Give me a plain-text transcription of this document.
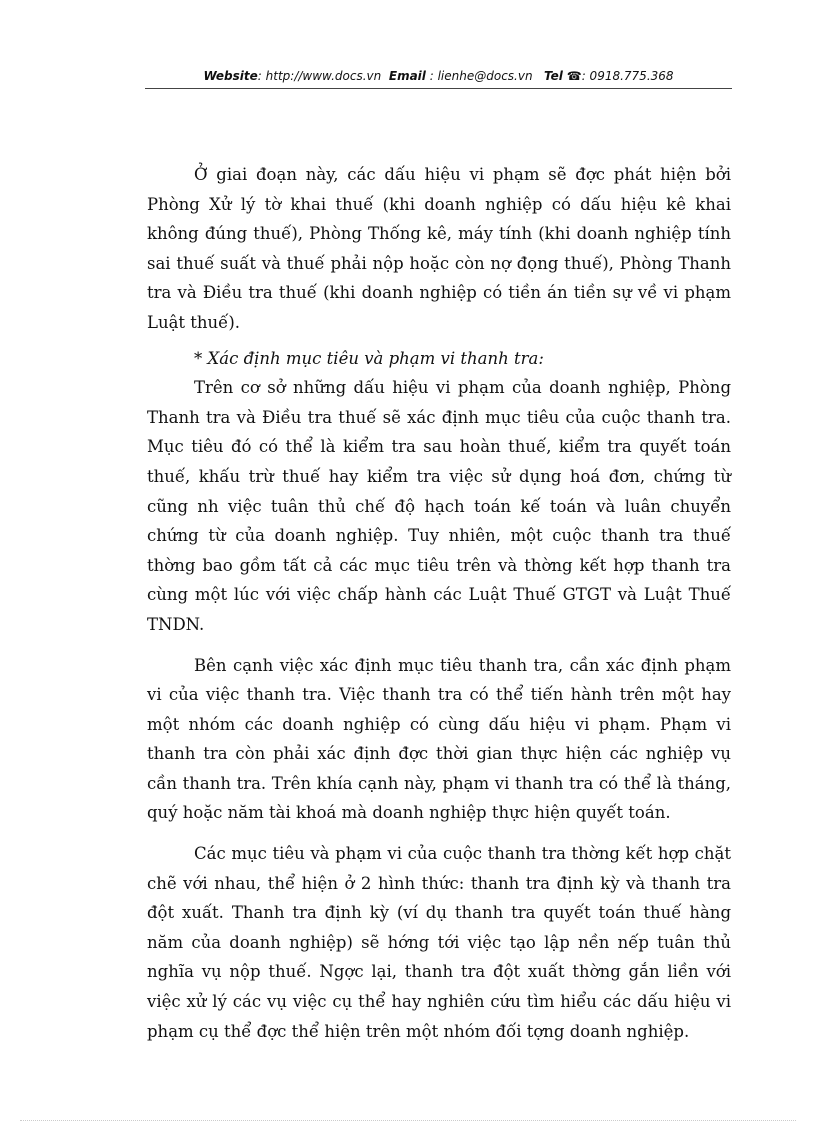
Website: http://www.docs.vn Email : lienhe@docs.vn Tel ☎: 0918.775.368

Ở giai đoạn này, các dấu hiệu vi phạm sẽ đợc phát hiện bởi Phòng Xử lý tờ khai thuế (khi doanh nghiệp có dấu hiệu kê khai không đúng thuế), Phòng Thống kê, máy tính (khi doanh nghiệp tính sai thuế suất và thuế phải nộp hoặc còn nợ đọng thuế), Phòng Thanh tra và Điều tra thuế (khi doanh nghiệp có tiền án tiền sự về vi phạm Luật thuế).

* Xác định mục tiêu và phạm vi thanh tra:

Trên cơ sở những dấu hiệu vi phạm của doanh nghiệp, Phòng Thanh tra và Điều tra thuế sẽ xác định mục tiêu của cuộc thanh tra. Mục tiêu đó có thể là kiểm tra sau hoàn thuế, kiểm tra quyết toán thuế, khấu trừ thuế hay kiểm tra việc sử dụng hoá đơn, chứng từ cũng nh việc tuân thủ chế độ hạch toán kế toán và luân chuyển chứng từ của doanh nghiệp. Tuy nhiên, một cuộc thanh tra thuế thờng bao gồm tất cả các mục tiêu trên và thờng kết hợp thanh tra cùng một lúc với việc chấp hành các Luật Thuế GTGT và Luật Thuế TNDN.

Bên cạnh việc xác định mục tiêu thanh tra, cần xác định phạm vi của việc thanh tra. Việc thanh tra có thể tiến hành trên một hay một nhóm các doanh nghiệp có cùng dấu hiệu vi phạm. Phạm vi thanh tra còn phải xác định đợc thời gian thực hiện các nghiệp vụ cần thanh tra. Trên khía cạnh này, phạm vi thanh tra có thể là tháng, quý hoặc năm tài khoá mà doanh nghiệp thực hiện quyết toán.

Các mục tiêu và phạm vi của cuộc thanh tra thờng kết hợp chặt chẽ với nhau, thể hiện ở 2 hình thức: thanh tra định kỳ và thanh tra đột xuất. Thanh tra định kỳ (ví dụ thanh tra quyết toán thuế hàng năm của doanh nghiệp) sẽ hớng tới việc tạo lập nền nếp tuân thủ nghĩa vụ nộp thuế. Ngợc lại, thanh tra đột xuất thờng gắn liền với việc xử lý các vụ việc cụ thể hay nghiên cứu tìm hiểu các dấu hiệu vi phạm cụ thể đợc thể hiện trên một nhóm đối tợng doanh nghiệp.
